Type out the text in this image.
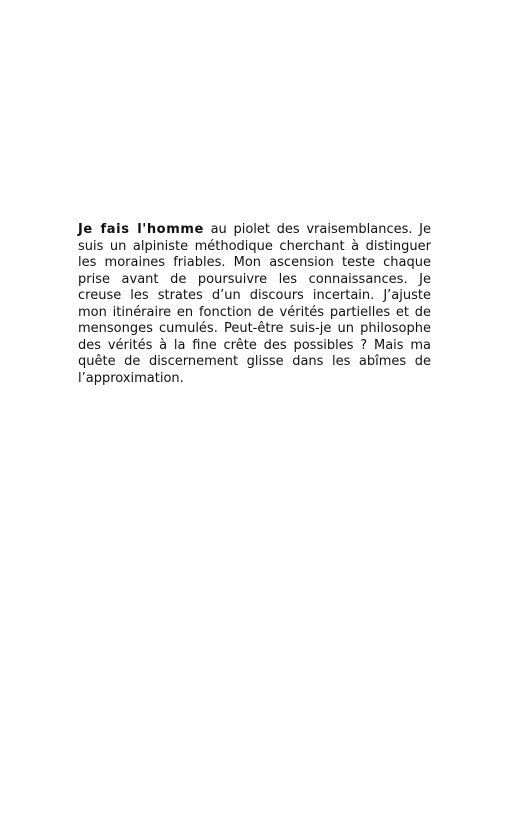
Je fais l'homme au piolet des vraisemblances. Je suis un alpiniste méthodique cherchant à distinguer les moraines friables. Mon ascension teste chaque prise avant de poursuivre les connaissances. Je creuse les strates d’un discours incertain. J’ajuste mon itinéraire en fonction de vérités partielles et de mensonges cumulés. Peut-être suis-je un philosophe des vérités à la fine crête des possibles ? Mais ma quête de discernement glisse dans les abîmes de l’approximation.
